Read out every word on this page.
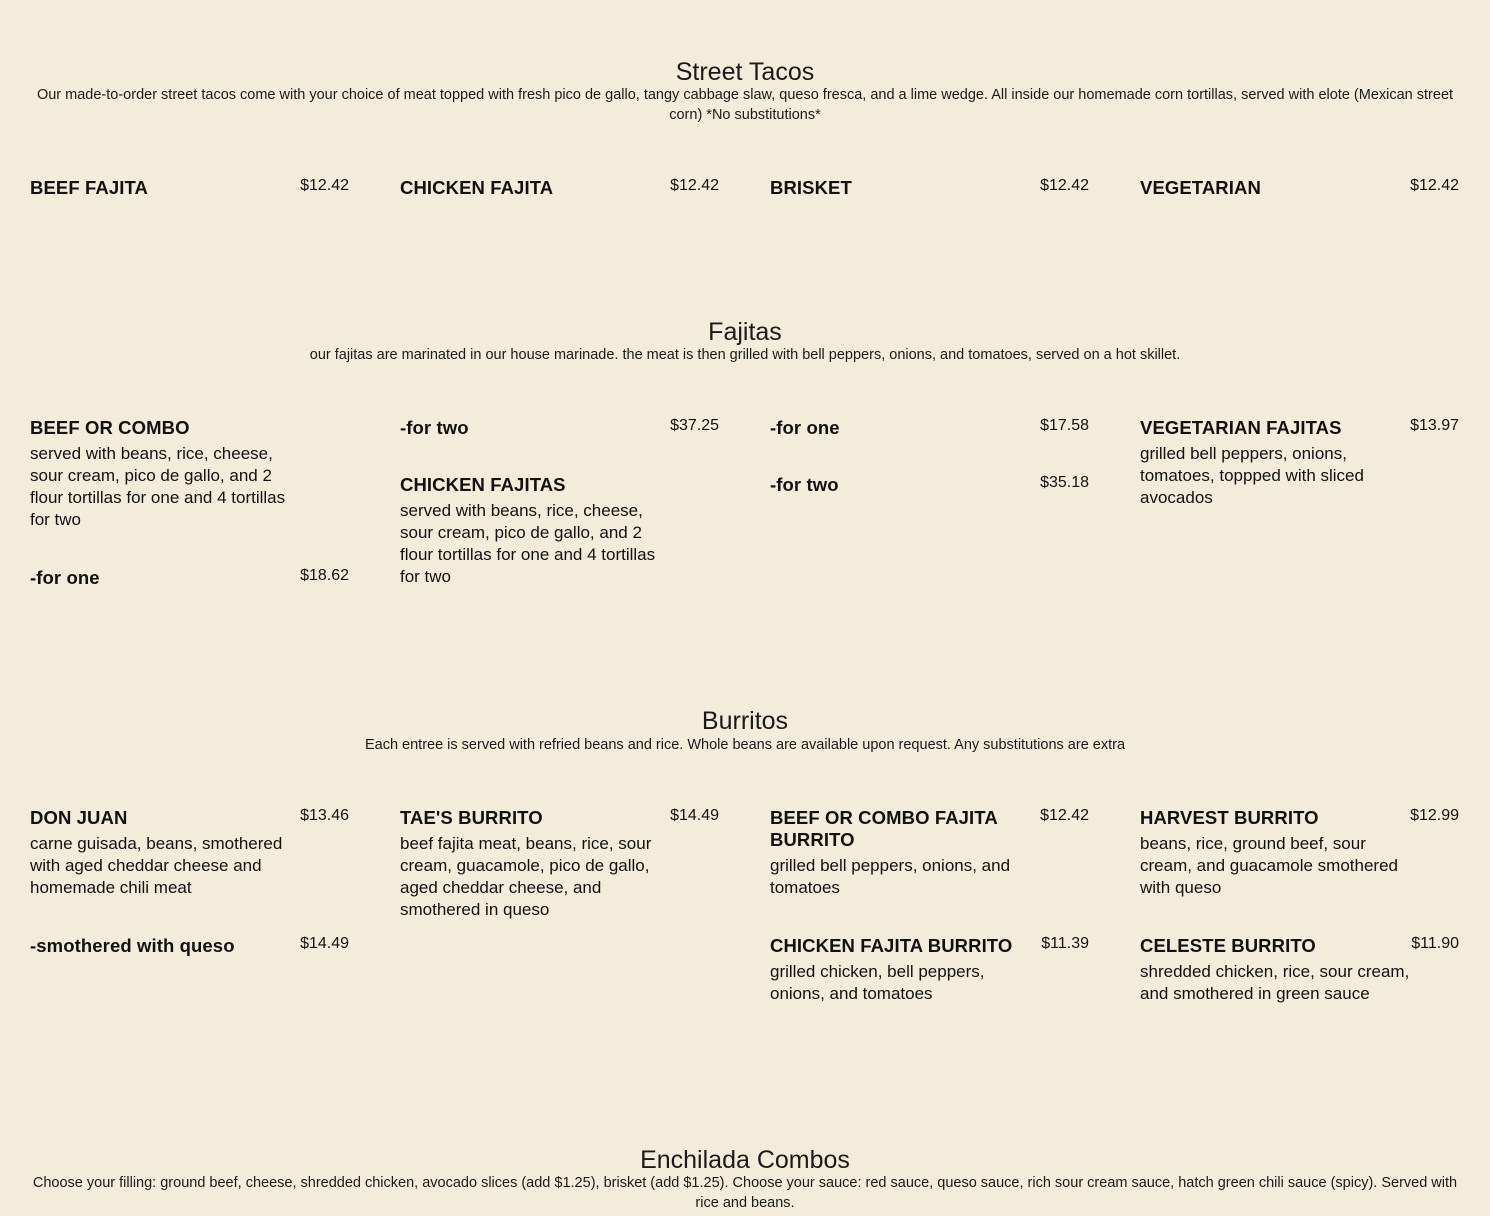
Street Tacos

Our made-to-order street tacos come with your choice of meat topped with fresh pico de gallo, tangy cabbage slaw, queso fresca, and a lime wedge. All inside our homemade corn tortillas, served with elote (Mexican street corn) *No substitutions*

BEEF FAJITA	$12.42	CHICKEN FAJITA	$12.42	BRISKET	$12.42	VEGETARIAN	$12.42
Fajitas

our fajitas are marinated in our house marinade. the meat is then grilled with bell peppers, onions, and tomatoes, served on a hot skillet.

BEEF OR COMBO
served with beans, rice, cheese, sour cream, pico de gallo, and 2 flour tortillas for one and 4 tortillas for two
-for one	$18.62
-for two	$37.25
CHICKEN FAJITAS
served with beans, rice, cheese, sour cream, pico de gallo, and 2 flour tortillas for one and 4 tortillas for two
-for one	$17.58
-for two	$35.18
VEGETARIAN FAJITAS	$13.97
grilled bell peppers, onions, tomatoes, toppped with sliced avocados
Burritos

Each entree is served with refried beans and rice. Whole beans are available upon request. Any substitutions are extra

DON JUAN	$13.46
carne guisada, beans, smothered with aged cheddar cheese and homemade chili meat
-smothered with queso	$14.49
TAE'S BURRITO	$14.49
beef fajita meat, beans, rice, sour cream, guacamole, pico de gallo, aged cheddar cheese, and smothered in queso
BEEF OR COMBO FAJITA BURRITO
$12.42
grilled bell peppers, onions, and tomatoes
CHICKEN FAJITA BURRITO	$11.39
grilled chicken, bell peppers, onions, and tomatoes
HARVEST BURRITO	$12.99
beans, rice, ground beef, sour cream, and guacamole smothered with queso
CELESTE BURRITO	$11.90
shredded chicken, rice, sour cream, and smothered in green sauce
Enchilada Combos

Choose your filling: ground beef, cheese, shredded chicken, avocado slices (add $1.25), brisket (add $1.25). Choose your sauce: red sauce, queso sauce, rich sour cream sauce, hatch green chili sauce (spicy). Served with rice and beans.
